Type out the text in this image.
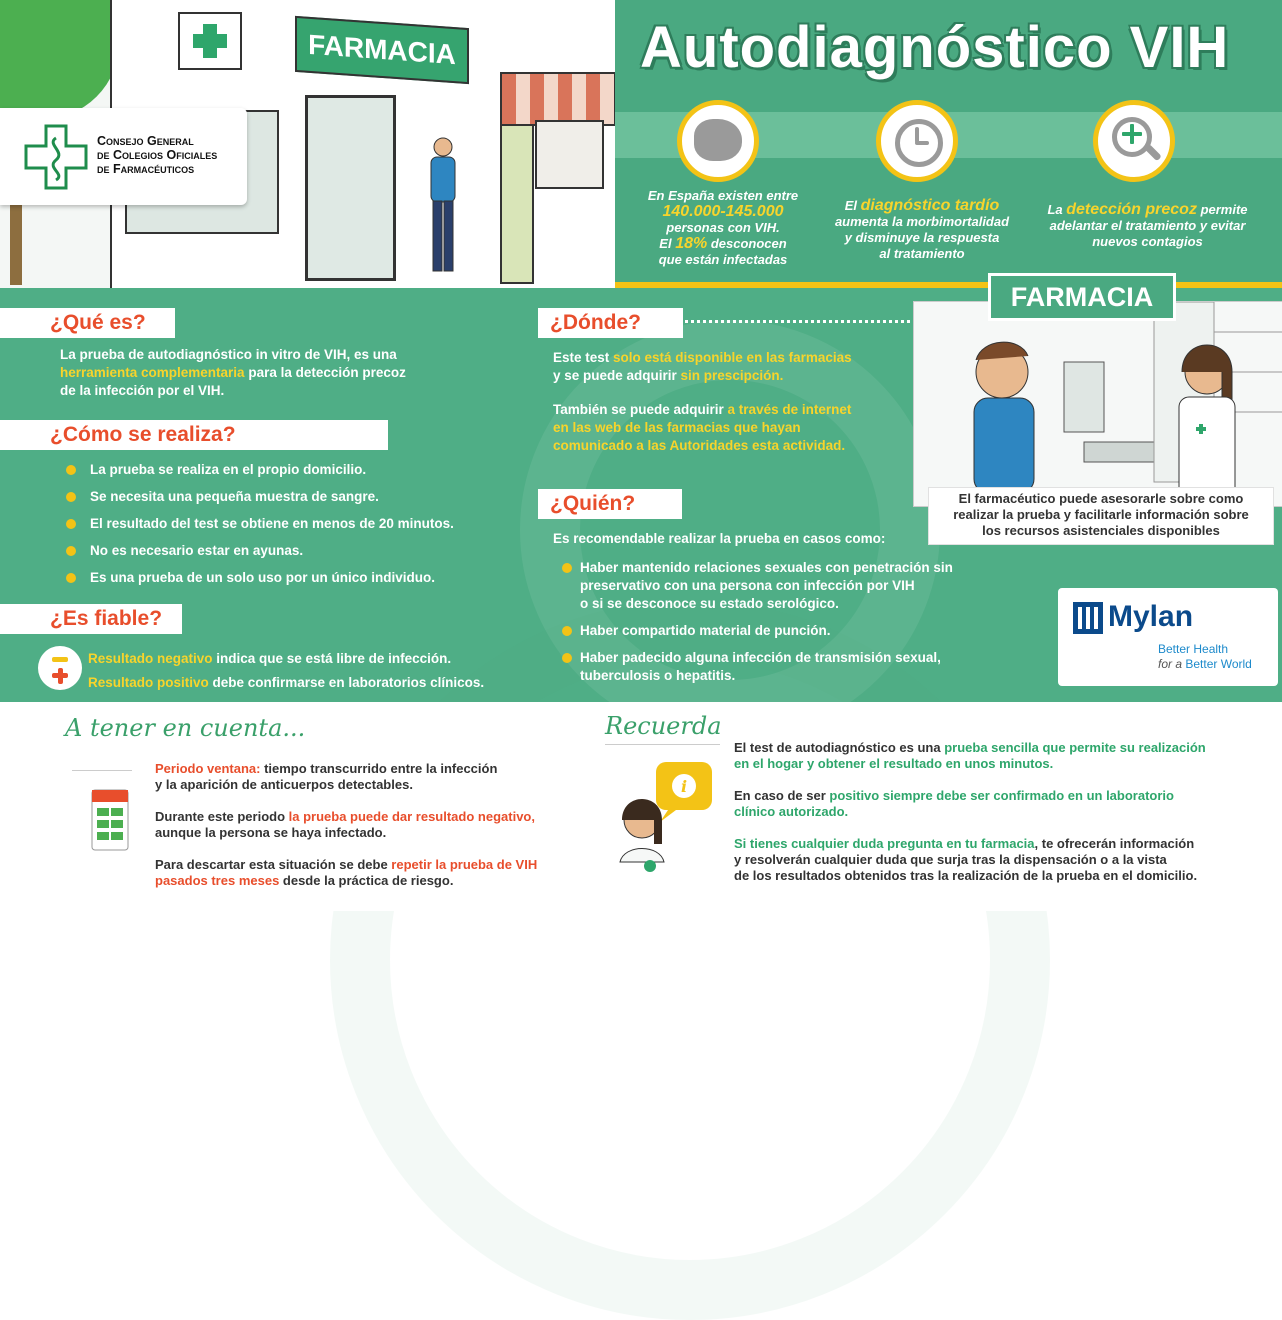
FARMACIA
Consejo General
de Colegios Oficiales
de Farmacéuticos
Autodiagnóstico VIH
En España existen entre
140.000-145.000
personas con VIH.
El 18% desconocen
que están infectadas
El diagnóstico tardío
aumenta la morbimortalidad
y disminuye la respuesta
al tratamiento
La detección precoz permite
adelantar el tratamiento y evitar
nuevos contagios
¿Qué es?
La prueba de autodiagnóstico in vitro de VIH, es una
herramienta complementaria para la detección precoz
de la infección por el VIH.
¿Cómo se realiza?
La prueba se realiza en el propio domicilio.
Se necesita una pequeña muestra de sangre.
El resultado del test se obtiene en menos de 20 minutos.
No es necesario estar en ayunas.
Es una prueba de un solo uso por un único individuo.
¿Es fiable?
Resultado negativo indica que se está libre de infección.
Resultado positivo debe confirmarse en laboratorios clínicos.
¿Dónde?
Este test solo está disponible en las farmacias
y se puede adquirir sin prescipción.
También se puede adquirir a través de internet
en las web de las farmacias que hayan
comunicado a las Autoridades esta actividad.
¿Quién?
Es recomendable realizar la prueba en casos como:
Haber mantenido relaciones sexuales con penetración sin
preservativo con una persona con infección por VIH
o si se desconoce su estado serológico.
Haber compartido material de punción.
Haber padecido alguna infección de transmisión sexual,
tuberculosis o hepatitis.
FARMACIA
El farmacéutico puede asesorarle sobre como
realizar la prueba y facilitarle información sobre
los recursos asistenciales disponibles
Mylan
Better Health
for a Better World
A tener en cuenta...
Periodo ventana: tiempo transcurrido entre la infección
y la aparición de anticuerpos detectables.
Durante este periodo la prueba puede dar resultado negativo,
aunque la persona se haya infectado.
Para descartar esta situación se debe repetir la prueba de VIH
pasados tres meses desde la práctica de riesgo.
Recuerda
i
El test de autodiagnóstico es una prueba sencilla que permite su realización
en el hogar y obtener el resultado en unos minutos.
En caso de ser positivo siempre debe ser confirmado en un laboratorio
clínico autorizado.
Si tienes cualquier duda pregunta en tu farmacia, te ofrecerán información
y resolverán cualquier duda que surja tras la dispensación o a la vista
de los resultados obtenidos tras la realización de la prueba en el domicilio.
